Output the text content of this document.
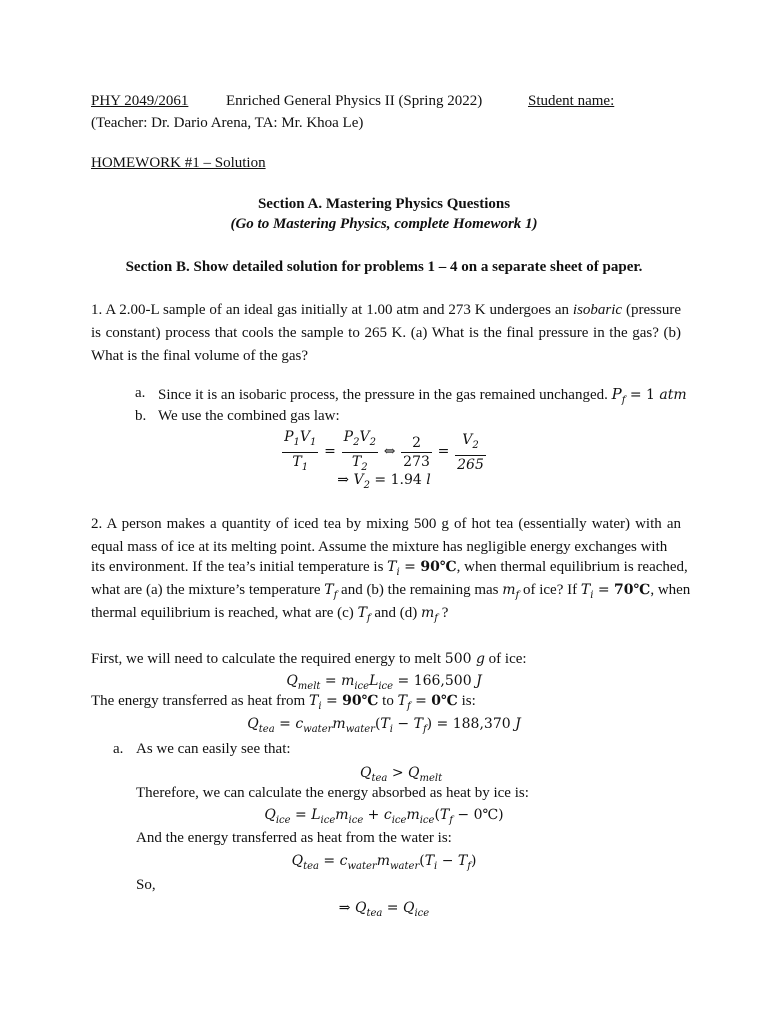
PHY 2049/2061	Enriched General Physics II (Spring 2022)	Student name:
(Teacher: Dr. Dario Arena, TA: Mr. Khoa Le)
HOMEWORK #1 – Solution
Section A. Mastering Physics Questions
(Go to Mastering Physics, complete Homework 1)
Section B. Show detailed solution for problems 1 – 4 on a separate sheet of paper.
1. A 2.00-L sample of an ideal gas initially at 1.00 atm and 273 K undergoes an isobaric (pressure is constant) process that cools the sample to 265 K. (a) What is the final pressure in the gas? (b) What is the final volume of the gas?
a. Since it is an isobaric process, the pressure in the gas remained unchanged. $P_f = 1$ atm
b. We use the combined gas law:
$\frac{P_1V_1}{T_1} = \frac{P_2V_2}{T_2}$ ⇔ $\frac{2}{273} = \frac{V_2}{265}$
⇒ $V_2 = 1.94$ l
2. A person makes a quantity of iced tea by mixing 500 g of hot tea (essentially water) with an equal mass of ice at its melting point. Assume the mixture has negligible energy exchanges with
its environment. If the tea’s initial temperature is $T_i$ = 90℃, when thermal equilibrium is reached,
what are (a) the mixture’s temperature $T_f$ and (b) the remaining mas $m_f$ of ice? If $T_i$ = 70℃, when
thermal equilibrium is reached, what are (c) $T_f$ and (d) $m_f$ ?
First, we will need to calculate the required energy to melt 500 g of ice:
$Q_{melt} = m_{ice}L_{ice} = 166,500$ J
The energy transferred as heat from $T_i$ = 90℃ to $T_f$ = 0℃ is:
$Q_{tea} = c_{water}m_{water}(T_i - T_f) = 188,370$ J
a. As we can easily see that:
$Q_{tea} > Q_{melt}$
Therefore, we can calculate the energy absorbed as heat by ice is:
$Q_{ice} = L_{ice}m_{ice} + c_{ice}m_{ice}(T_f$ − 0℃)
And the energy transferred as heat from the water is:
$Q_{tea} = c_{water}m_{water}(T_i - T_f)$
So,
⇒ $Q_{tea} = Q_{ice}$
